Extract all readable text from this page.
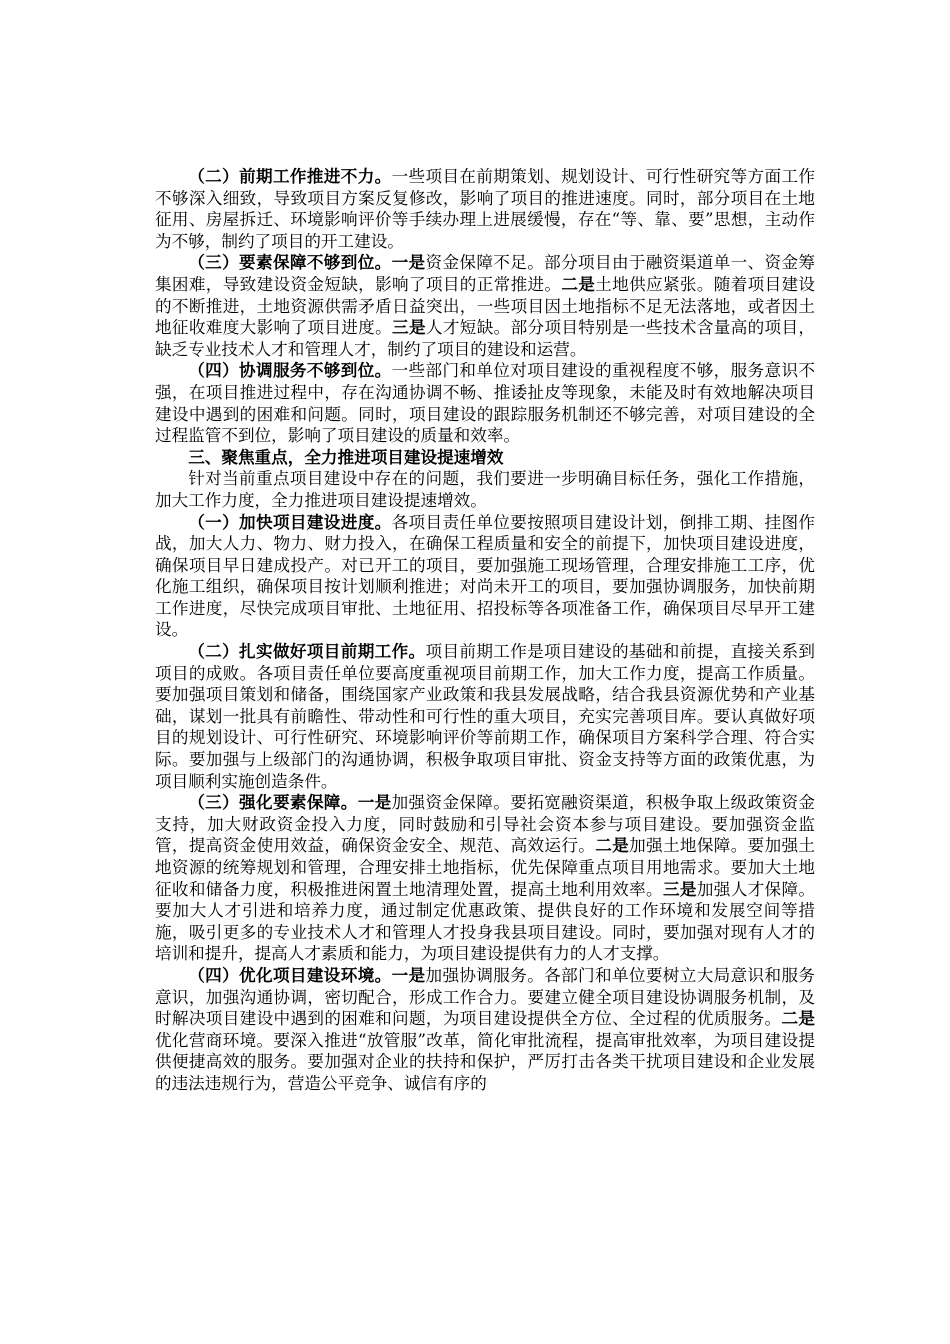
（二）前期工作推进不力。一些项目在前期策划、规划设计、可行性研究等方面工作不够深入细致，导致项目方案反复修改，影响了项目的推进速度。同时，部分项目在土地征用、房屋拆迁、环境影响评价等手续办理上进展缓慢，存在“等、靠、要”思想，主动作为不够，制约了项目的开工建设。

（三）要素保障不够到位。一是资金保障不足。部分项目由于融资渠道单一、资金筹集困难，导致建设资金短缺，影响了项目的正常推进。二是土地供应紧张。随着项目建设的不断推进，土地资源供需矛盾日益突出，一些项目因土地指标不足无法落地，或者因土地征收难度大影响了项目进度。三是人才短缺。部分项目特别是一些技术含量高的项目，缺乏专业技术人才和管理人才，制约了项目的建设和运营。

（四）协调服务不够到位。一些部门和单位对项目建设的重视程度不够，服务意识不强，在项目推进过程中，存在沟通协调不畅、推诿扯皮等现象，未能及时有效地解决项目建设中遇到的困难和问题。同时，项目建设的跟踪服务机制还不够完善，对项目建设的全过程监管不到位，影响了项目建设的质量和效率。

三、聚焦重点，全力推进项目建设提速增效

针对当前重点项目建设中存在的问题，我们要进一步明确目标任务，强化工作措施，加大工作力度，全力推进项目建设提速增效。

（一）加快项目建设进度。各项目责任单位要按照项目建设计划，倒排工期、挂图作战，加大人力、物力、财力投入，在确保工程质量和安全的前提下，加快项目建设进度，确保项目早日建成投产。对已开工的项目，要加强施工现场管理，合理安排施工工序，优化施工组织，确保项目按计划顺利推进；对尚未开工的项目，要加强协调服务，加快前期工作进度，尽快完成项目审批、土地征用、招投标等各项准备工作，确保项目尽早开工建设。

（二）扎实做好项目前期工作。项目前期工作是项目建设的基础和前提，直接关系到项目的成败。各项目责任单位要高度重视项目前期工作，加大工作力度，提高工作质量。要加强项目策划和储备，围绕国家产业政策和我县发展战略，结合我县资源优势和产业基础，谋划一批具有前瞻性、带动性和可行性的重大项目，充实完善项目库。要认真做好项目的规划设计、可行性研究、环境影响评价等前期工作，确保项目方案科学合理、符合实际。要加强与上级部门的沟通协调，积极争取项目审批、资金支持等方面的政策优惠，为项目顺利实施创造条件。

（三）强化要素保障。一是加强资金保障。要拓宽融资渠道，积极争取上级政策资金支持，加大财政资金投入力度，同时鼓励和引导社会资本参与项目建设。要加强资金监管，提高资金使用效益，确保资金安全、规范、高效运行。二是加强土地保障。要加强土地资源的统筹规划和管理，合理安排土地指标，优先保障重点项目用地需求。要加大土地征收和储备力度，积极推进闲置土地清理处置，提高土地利用效率。三是加强人才保障。要加大人才引进和培养力度，通过制定优惠政策、提供良好的工作环境和发展空间等措施，吸引更多的专业技术人才和管理人才投身我县项目建设。同时，要加强对现有人才的培训和提升，提高人才素质和能力，为项目建设提供有力的人才支撑。

（四）优化项目建设环境。一是加强协调服务。各部门和单位要树立大局意识和服务意识，加强沟通协调，密切配合，形成工作合力。要建立健全项目建设协调服务机制，及时解决项目建设中遇到的困难和问题，为项目建设提供全方位、全过程的优质服务。二是优化营商环境。要深入推进“放管服”改革，简化审批流程，提高审批效率，为项目建设提供便捷高效的服务。要加强对企业的扶持和保护，严厉打击各类干扰项目建设和企业发展的违法违规行为，营造公平竞争、诚信有序的
